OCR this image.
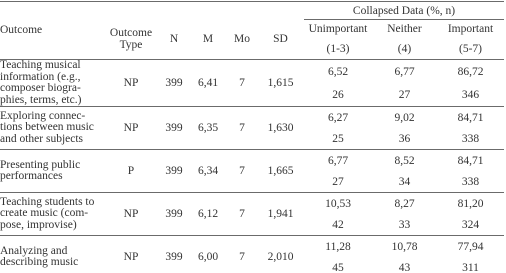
Outcome						Collapsed Data (%, n)		
	Outcome Type	N	M	Mo	SD	Unimportant	Neither	Important
						(1-3)	(4)	(5-7)
Teaching musical information (e.g., composer biogra- phies, terms, etc.)	NP	399	6,41	7	1,615	6,52	6,77	86,72
						26	27	346
Exploring connec- tions between music and other subjects	NP	399	6,35	7	1,630	6,27	9,02	84,71
						25	36	338
Presenting public performances	P	399	6,34	7	1,665	6,77	8,52	84,71
						27	34	338
Teaching students to create music (com- pose, improvise)	NP	399	6,12	7	1,941	10,53	8,27	81,20
						42	33	324
Analyzing and describing music	NP	399	6,00	7	2,010	11,28	10,78	77,94
						45	43	311
